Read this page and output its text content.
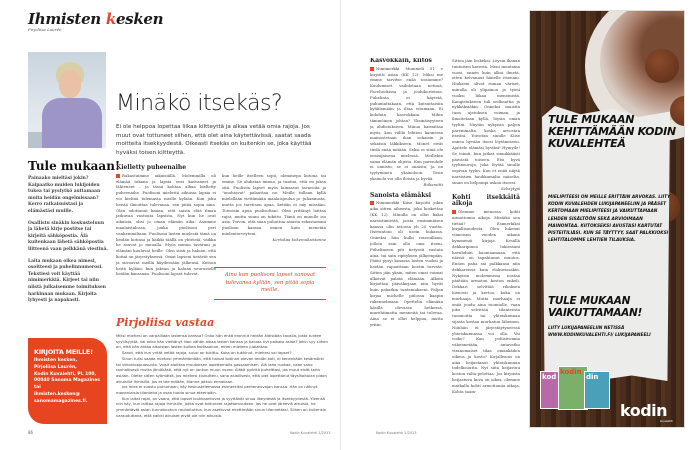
Ihmisten kesken
Pirjoliisa Laurén
Minäkö itsekäs?
Ei ole helppoa lopettaa liikaa kiltteyttä ja alkaa vetää omia rajoja. Jos muut ovat tottuneet siihen, että olet aina käytettävissä, saatat saada moitteita itsekkyydestä. Oikeasti itsekäs on kuitenkin se, joka käyttää hyväksi toisen kiltteyttä.
Tule mukaan!

Painaako mieltäsi jokin? Kaipaatko muiden lukijoiden tukea tai pystytkö auttamaan muita heidän ongelmissaan? Kerro ratkaisuistasi ja elämästäsi muille.

Osallistu sinäkin keskusteluun ja lähetä kirje postitse tai kirjeitä sähköpostia. Älä kuitenkaan lähetä sähköpostia liitteenä vaan pelkkänä viestinä.

Laita mukaan oikea nimesi, osoitteesi ja puhelinnumerosi. Tekstiesi voit käyttää nimimerkkiä. Kirjeet tai niin niistä julkaisemme toimituksen harkinnan mukaan. Kirjoita lyhyesti ja napakasti.

KIRJOITA MEILLE!
Ihmisten kesken,
Pirjoliisa Laurén,
Kodin Kuvalehti, PL 100,
00040 Sanoma Magazines
tai
ihmisten.kesken@
sanomamagazines.fi.
86
Kielletty puheenaihe
Rakastuimme aikuisiällä. Molemmilla oli elämää takana ja lapsia ovat kasvaneet ja lähteneet – ja tässä kohtaa alkaa kielletty puheenaihe. Puolisoni mielestä aikuisia lapsia ei voi kieltää tulemasta meille kylään. Kun joku heistä ilmoittaa tulevansa, sen pitää sopia aina. Olen odottanut kauan, että saisin elää ilman jatkuvaa vastuuta lapsista. Nyt kun he ovat aikuisia, olisi jo oman elämän aika. Asumme maalaistalossa, jonka puolisoni peri vanhemmiltaan. Puolisoni lasten mielestä tämä on heidän kotinsa ja kaikki täällä on yhteistä, vaikka he asuvat jo muualla. Myös minun tavarani ja elämäni kuuluvat heille. Olen siisti ja haluan, että kotini on järjestyksessä. Omat lapseni tietävät sen ja siivoavat meillä käydessään jälkensä. Kutsun heitä kylään, kun jaksan ja haluan seurustella heidän kanssaan. Puolisoni lapset tulevat,
kun heille itselleen sopii, olemmepa kotona tai emme. Se ahdistaa minua, ja tuntuu, että en jaksa sitä. Puolison lapset myös lainaavat tavaroita ja "unohtavat" palauttaa ne. Meille tullaan kyllä mielellään viettämään maalaisjoulua ja -juhannusta, mutta jos tarvitsen apua, ketään ei näy missään. Toivoisin apua puolisoltani. Olen yrittänyt laittaa rajat, mutta suuni on tukittu. Tämä on minulle iso asia. Toivon, että saan puhuttua asiasta rakastamani puolison kanssa ennen kuin menetän mielenterveyteni.
Kertokaa kokemuksistanne
Aina kun puolisoni lapset sanovat tulevansa kylään, sen pitää sopia meille.
Pirjoliisa vastaa

Miksi miehesi on varpaillaan lastensa kanssa? Onko hän ehkä eronnut heidän äidistään tavalla, josta tuntee syyllisyyttä, vai onko hän viettänyt liian vähän aikaa lasten kanssa ja haluaa nyt paikata asiaa? Jokin syy siihen on, että hän antaa aikuisten lasten kulkea kodissanne, miten mieleen juolahtaa.

Sanot, että kun yrität vetää rajoja, suusi on tukittu. Kuka on tukkinut, miehesi vai lapset?

Sinun tulisi saada miehesi ymmärtämään, että haluat kotinne olevan teidän koti, ei kenenkään kesämökki tai viikonloppuasunto. Voisit aloittaa muutoksen lopettamalla passaamisen. Älä laita ruokaa, vaan sano rauhallisesti mutta jämäkästi, että nyt on jonkun muun vuoro. Äläkä pyöritä puhelttasi, jos muut eivät tartu asiaan. Olette sitten syömättä. Jos miehesi kiukuttelu, sano asiallisesti, että olet lopettanut täysihoitolan pidon aikuisille ihmisille. Jos et tee mitään, tilanne jatkuu ennallaan.

Jos mies ei suostu puhumaan, käy keskustelemassa esimerkiksi perheneuvojan kanssa. Hän on nähnyt monenlaisia tilanteita ja osaa tuoda sinua eteenpäin.

Kun laitat rajat, on vaara, että lapset loukkaantuvat ja syyttävät sinua ilkeydestä ja itsekkyydestä. Yleensä niin käy, kun laittaa rajoja ihmisille, jotka ovat tottuneet rajattomuuteen. Jos he ovat järkeviä aikuisia, he ymmärtävät asian tunnekuohun rauhoituttua, kun asettuvat miettimään sinun tilannettasi. Siihen on kuitenkin varauduttava, että kaikki aikuiset eivät ole niin aikuisia.

Kodin Kuvalehti 1/2013
Kasvokkain, kiitos
Nimimerkki Mummeli 51 v kirjoitti asiaa (KK 12): Miksi me emme tarvitse enää toisiamme? Kuulumiset vaihdetaan netissä, Facebookissa ja joulukorteissa. Puhelinta ei käytetä, puhumattakaan, että kutsuttaisiin kyläilemään ja iltaa istumaan. Ei kohdata kasvokkain. Mihin tämmöinen johtaa? Yksinäisyyteen ja ahdistukseen. Minua harmittaa myös, kun välilä lehtien kannessa mainostetaan ihan sekaisin ja sekaisin läkkikseen. Monet eivät tiedä enää mitään. Seksi ei siinä ole ensisijaisena mielessä. Meillekin sama elämän ohjeita. Kun parisuhde ei onnistu, se ei onnistu, ja on tyytyminen yksinoloon. Tosin yksinolo voi olla iloista ja hyvää.
Riikaniitti
Sanoista elämäksi
Nimimerkki Kiise kirjoitti jokin aika sitten aiheesta, joka koskettaa (KK 12). Minulla on ollut kaksi narsistimiestä, joista ensimmäisen kanssa olin aviossa yli 20 vuotta. Itsetuntoni oli usein hukassa. Onneksi hän kulki reissuillaan, jolloin sain olla oma itseni. Puhelimeen piti tietyssti vastata aina, tai sain ripityksen jälkeenpäin. Pääni pysyi kasassa lasten vuoksi ja heidän vapauttaan koetin turvata. Sitten jäin yksin, miten omat voimat alkoivat palata elämään. Alkoin kirjoittaa päiväkirjaan niin hyvät kuin pahatkin tuntemukseni. Paljon kirjaa michelle piilossa kaapin rakennelmaan. Opettelin elämään käsillä olevassa hetkessä, murehtimatta menneitä tai tulevaa. Aina se ei ollut helppoa, mutta yritin.
Sitten jäin leskeksi. Löysin ihanan tuntuisen kaverin. Meni muutama vuosi, ennen kuin alkoi ilmetä, etten kelvannut hänelle itsenäni. Hiukseni olivat ruman väriset, minulla oli ylipainoa ja työni vuoksi liikaa menemistä. Kangistukseen tuli seilbaattia ja nykkäksiäkin. Onneksi muistin tuon ajatuksen voiman, ja ilmoitetaan kyllä, löysin oman tyylini. Näytän nykyisin paljon paremmalta, koska arvostan itseäni. Toivotan sinulle Kiise onnea hyvään itsesi löytämiseen. Ajattele elämäsi hyviksi! Hymyile! Se toimii, kun jatkat sinnikkäästi päivästä toiseen. Etsi hyvä tyylineuvoja, joka löytää sinulle sopivan tyylin. Kun et enää näytä narsistien haukkumalta naiselta, sinun on helpompi uskoa itseesi.
Selviytyjä
Kohti itsekkäitä aikoja
Olemme menossa kohti armottomia aikoja. Mistäkö sen tietää? Esimerkiksi kirjallisuudesta. Olen lukenut viimeisen vuoden aikana kymmeniä kirjoja. Kesällä dekkaripinoa lukiessani havahduin huomaamaan, että näissä on tapahtunut muutos. Ennen paha sai palkkansa niin dekkareissa kuin elokuvissakin. Nykyisin molemmissa nostaa päätään armoton koston enkeli. Dekkari selvittää rikoksen hienosti ja kertoo, kuka on murhaaja. Mutta murhaaja ei enää joudu aina tuomiolle, vaan joko selvittää tilanteesta tuomioitta tai yhteiskunnan sijasta kostaa murhatun läheinen. Niinhän ei järjestäytyneessä yhteiskunnassa voi olla. Vai voiko? Kun poliisivoimia vähennetään, antavatko viranomaiset tilaa omankäden oikeus ja kosto? Kirjallisuus on aina heijastanut yhteiskunnan todellisuutta. Nyt siitä heijastuu koston valta-pelottaa. Jos kirjoista heijastuva kuva on oikea, olemme matkalla kohti armottomia aikoja. Kohta saam-
Kodin Kuvalehti 1/2013
TULE MUKAAN KEHITTÄMÄÄN KODIN KUVALEHTEÄ
MIELIPITEESI ON MEILLE ERITTÄIN ARVOKAS. LIITY KODIN KUVALEHDEN LUKIJAPANEELIIN JA PÄÄSET KERTOMAAN MIELIPITEESI JA VAIKUTTAMAAN LEHDEN SISÄLTÖÖN SEKÄ ARVIOIMAAN MAINONTAA. KIITOKSEKSI AVUSTASI KARTUTAT PISTEITILIÄSI. KUN SE TÄYTTYY, SAAT PALKKIOKSI LEHTITALOMME LEHTIEN TILAUKSIA.
TULE MUKAAN VAIKUTTAMAAN!
LIITY LUKIJAPANEELIIN NETISSÄ WWW.KODINKUVALEHTI.FI/ LUKIJAPANEELI
kod
kodin
din
kodin
kuvalehti
